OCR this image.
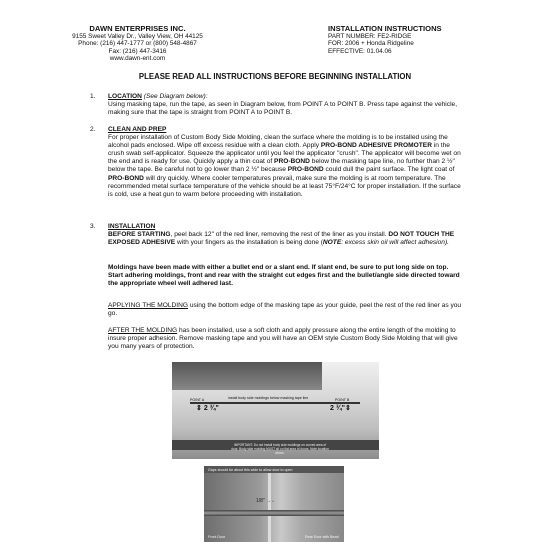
DAWN ENTERPRISES INC.
9155 Sweet Valley Dr., Valley View, OH 44125
Phone: (216) 447-1777 or (800) 548-4867
Fax: (216) 447-3416
www.dawn-ent.com
INSTALLATION INSTRUCTIONS
PART NUMBER: FE2-RIDGE
FOR: 2006 + Honda Ridgeline
EFFECTIVE: 01.04.06
PLEASE READ ALL INSTRUCTIONS BEFORE BEGINNING INSTALLATION
1. LOCATION (See Diagram below):
Using masking tape, run the tape, as seen in Diagram below, from POINT A to POINT B. Press tape against the vehicle, making sure that the tape is straight from POINT A to POINT B.
2. CLEAN AND PREP
For proper installation of Custom Body Side Molding, clean the surface where the molding is to be installed using the alcohol pads enclosed. Wipe off excess residue with a clean cloth. Apply PRO-BOND ADHESIVE PROMOTER in the crush swab self-applicator. Squeeze the applicator until you feel the applicator "crush". The applicator will become wet on the end and is ready for use. Quickly apply a thin coat of PRO-BOND below the masking tape line, no further than 2 ½" below the tape. Be careful not to go lower than 2 ½" because PRO-BOND could dull the paint surface. The light coat of PRO-BOND will dry quickly. Where cooler temperatures prevail, make sure the molding is at room temperature. The recommended metal surface temperature of the vehicle should be at least 75°F/24°C for proper installation. If the surface is cold, use a heat gun to warm before proceeding with installation.
3. INSTALLATION
BEFORE STARTING, peel back 12" of the red liner, removing the rest of the liner as you install. DO NOT TOUCH THE EXPOSED ADHESIVE with your fingers as the installation is being done (NOTE: excess skin oil will affect adhesion).
Moldings have been made with either a bullet end or a slant end. If slant end, be sure to put long side on top. Start adhering moldings, front and rear with the straight cut edges first and the bullet/angle side directed toward the appropriate wheel well adhered last.
APPLYING THE MOLDING using the bottom edge of the masking tape as your guide, peel the rest of the red liner as you go.
AFTER THE MOLDING has been installed, use a soft cloth and apply pressure along the entire length of the molding to insure proper adhesion. Remove masking tape and you will have an OEM style Custom Body Side Molding that will give you many years of protection.
install body side moldings below masking tape line
POINT A	POINT B
⇕ 2 ¾"	2 ¾"⇕
IMPORTANT: Do not install body side moldings on curved area of door. Body side molding MUST sit on flat area of doors. Note location above.
Gaps should be about this wide to allow door to open
1/8" →←
Front Door	Rear Door with Bezel
